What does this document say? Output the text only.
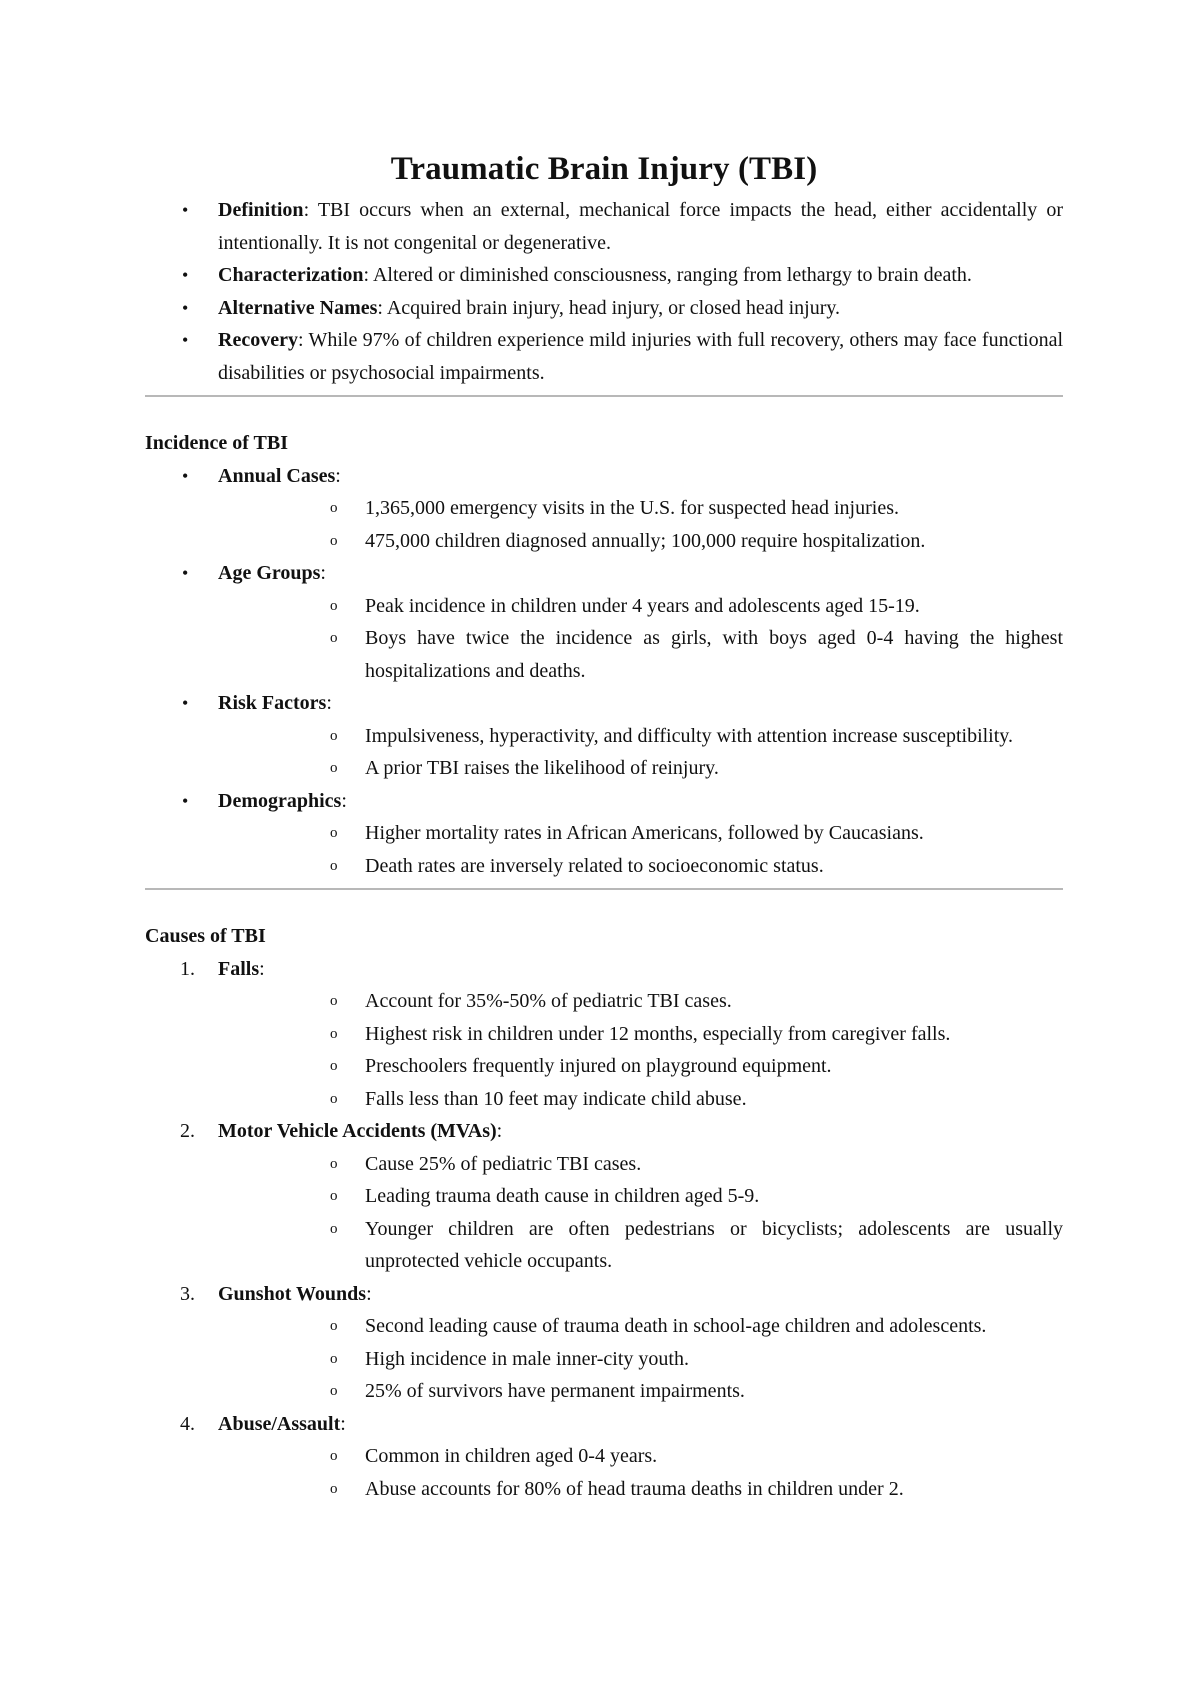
Traumatic Brain Injury (TBI)
•	Definition: TBI occurs when an external, mechanical force impacts the head, either accidentally or intentionally. It is not congenital or degenerative.
•	Characterization: Altered or diminished consciousness, ranging from lethargy to brain death.
•	Alternative Names: Acquired brain injury, head injury, or closed head injury.
•	Recovery: While 97% of children experience mild injuries with full recovery, others may face functional disabilities or psychosocial impairments.
Incidence of TBI
•	Annual Cases:
o	1,365,000 emergency visits in the U.S. for suspected head injuries.
o	475,000 children diagnosed annually; 100,000 require hospitalization.
•	Age Groups:
o	Peak incidence in children under 4 years and adolescents aged 15-19.
o	Boys have twice the incidence as girls, with boys aged 0-4 having the highest hospitalizations and deaths.
•	Risk Factors:
o	Impulsiveness, hyperactivity, and difficulty with attention increase susceptibility.
o	A prior TBI raises the likelihood of reinjury.
•	Demographics:
o	Higher mortality rates in African Americans, followed by Caucasians.
o	Death rates are inversely related to socioeconomic status.
Causes of TBI
1.	Falls:
o	Account for 35%-50% of pediatric TBI cases.
o	Highest risk in children under 12 months, especially from caregiver falls.
o	Preschoolers frequently injured on playground equipment.
o	Falls less than 10 feet may indicate child abuse.
2.	Motor Vehicle Accidents (MVAs):
o	Cause 25% of pediatric TBI cases.
o	Leading trauma death cause in children aged 5-9.
o	Younger children are often pedestrians or bicyclists; adolescents are usually unprotected vehicle occupants.
3.	Gunshot Wounds:
o	Second leading cause of trauma death in school-age children and adolescents.
o	High incidence in male inner-city youth.
o	25% of survivors have permanent impairments.
4.	Abuse/Assault:
o	Common in children aged 0-4 years.
o	Abuse accounts for 80% of head trauma deaths in children under 2.
